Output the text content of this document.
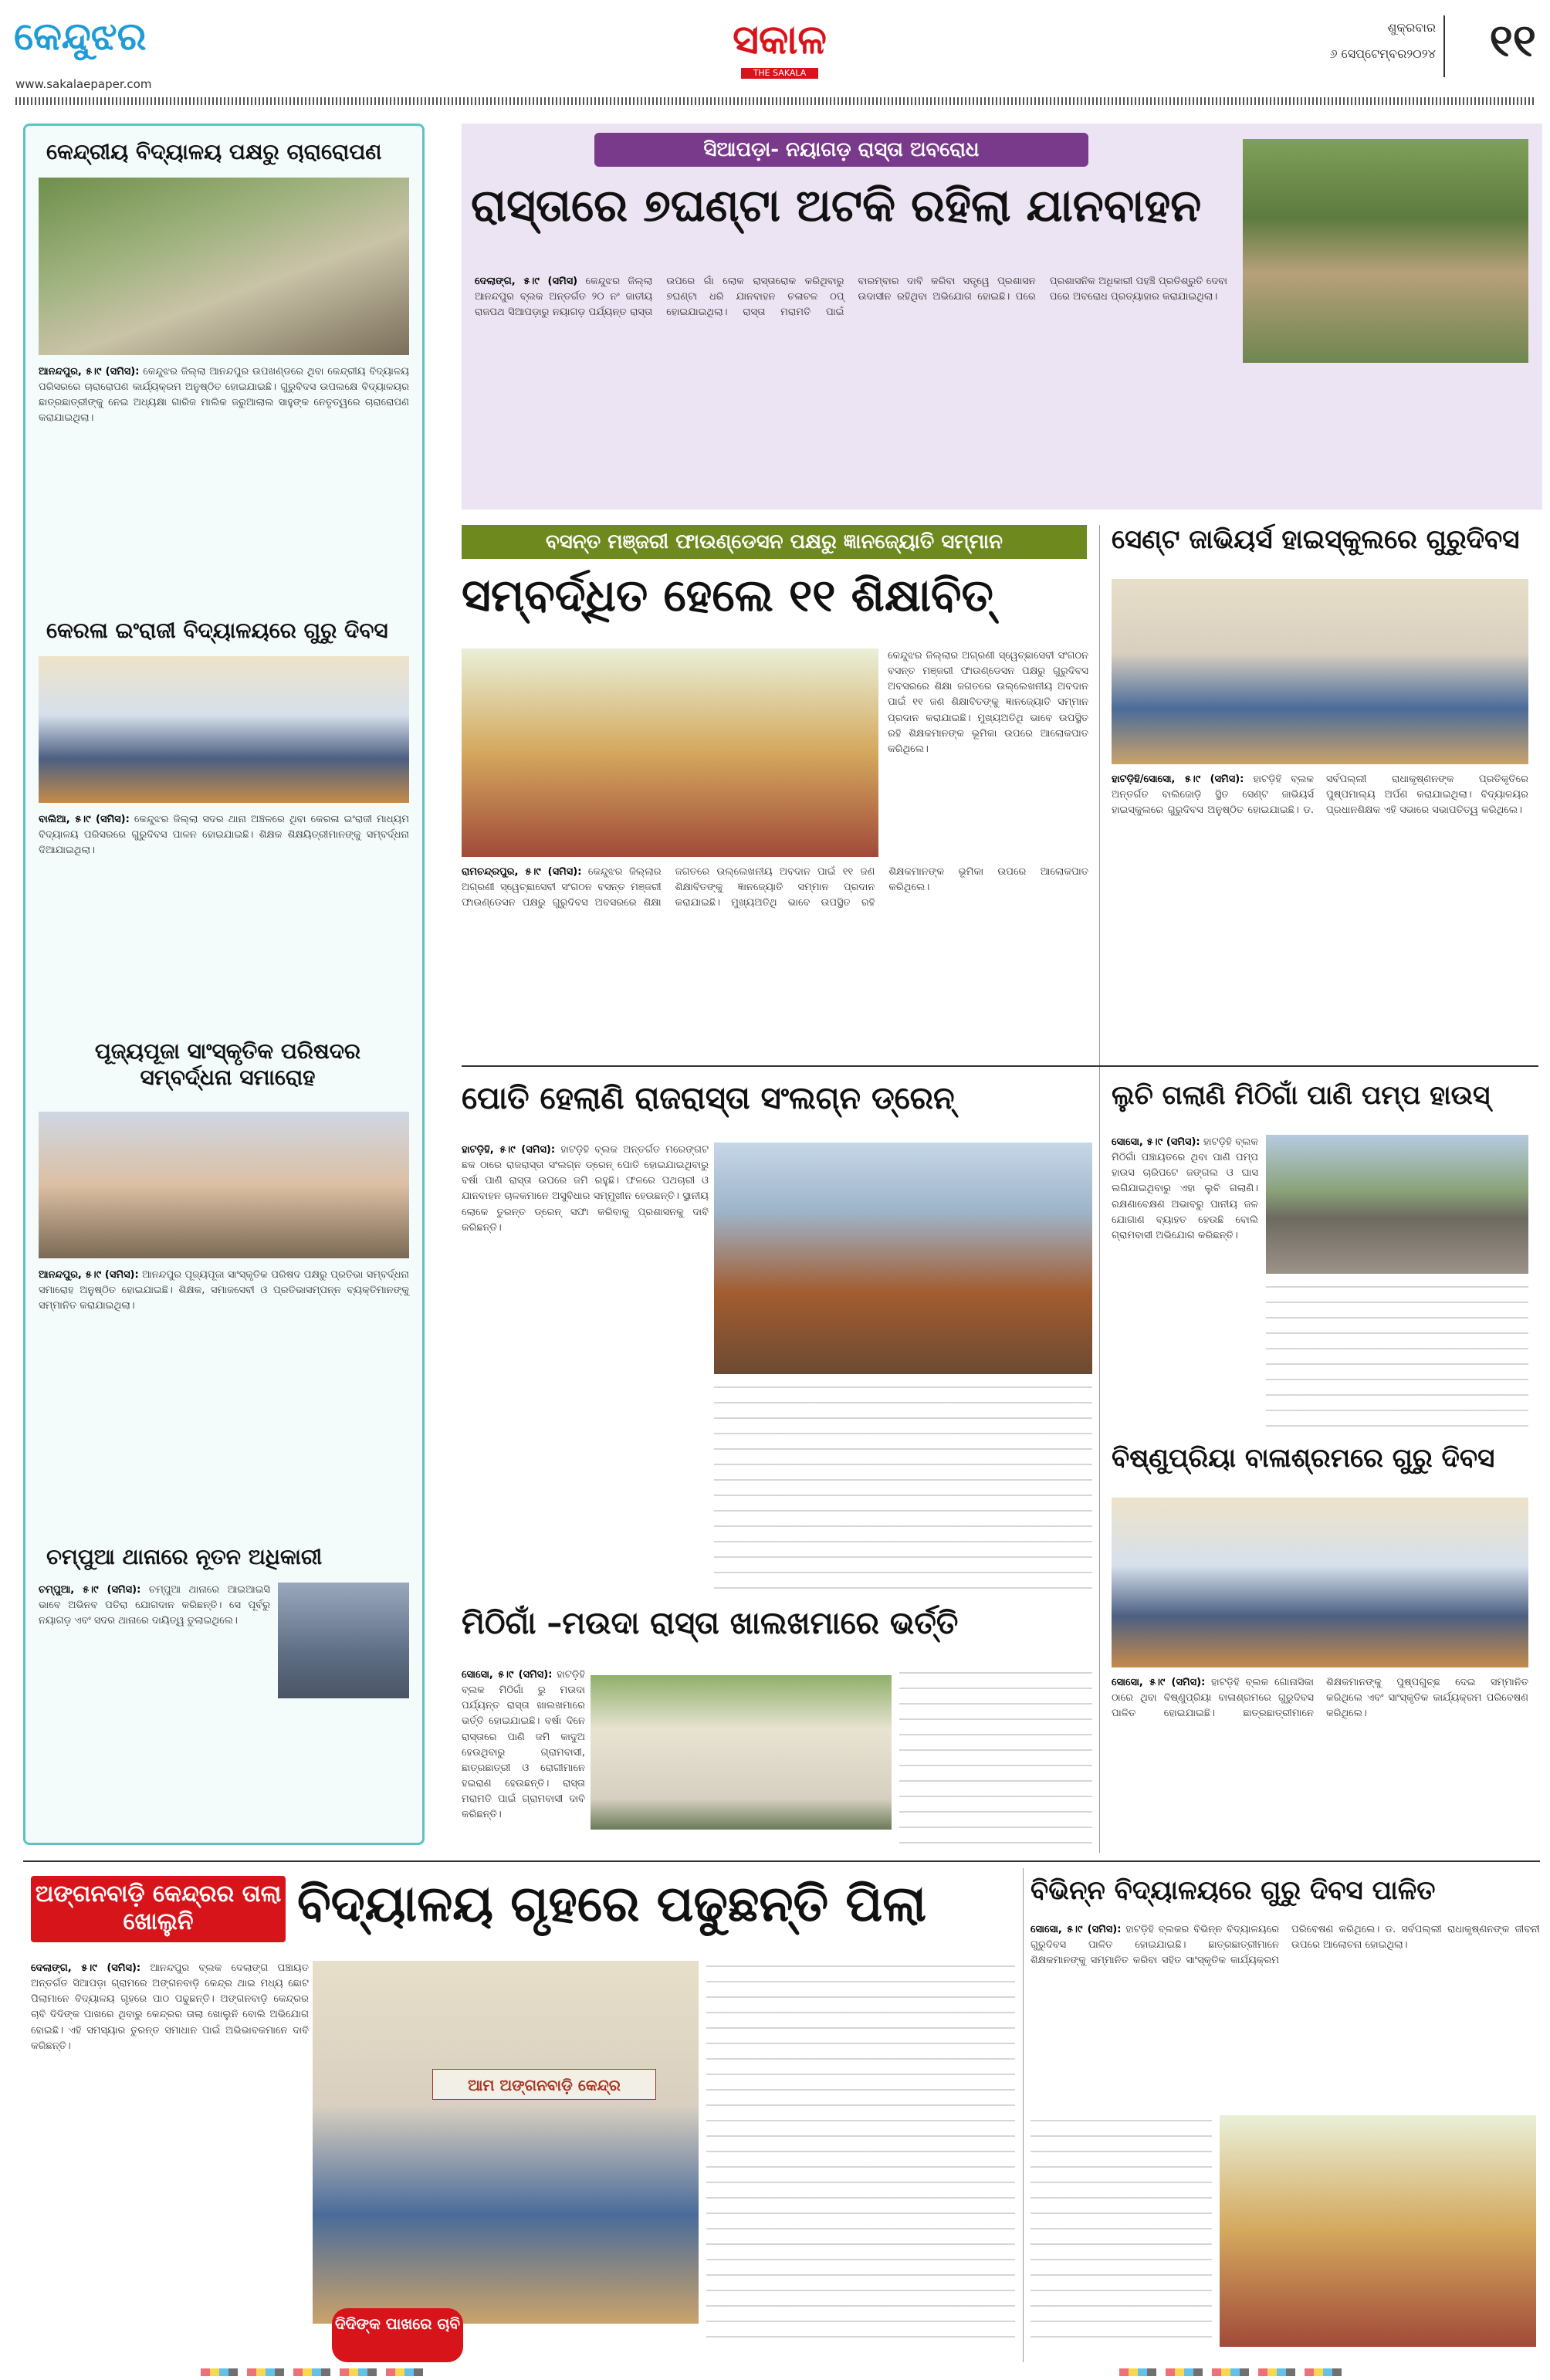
କେନ୍ଦୁଝର
www.sakalaepaper.com
ସକାଳ
THE SAKALA
ଶୁକ୍ରବାର
୬ ସେପ୍ଟେମ୍ବର୨୦୨୪	୧୧
କେନ୍ଦ୍ରୀୟ ବିଦ୍ୟାଳୟ ପକ୍ଷରୁ ଚାରାରୋପଣ
ଆନନ୍ଦପୁର, ୫।୯ (ସମିସ): କେନ୍ଦୁଝର ଜିଲ୍ଲା ଆନନ୍ଦପୁର ଉପଖଣ୍ଡରେ ଥିବା କେନ୍ଦ୍ରୀୟ ବିଦ୍ୟାଳୟ ପରିସରରେ ଚାରାରୋପଣ କାର୍ଯ୍ୟକ୍ରମ ଅନୁଷ୍ଠିତ ହୋଇଯାଇଛି। ଗୁରୁବିଦସ ଉପଲକ୍ଷେ ବିଦ୍ୟାଳୟର ଛାତ୍ରଛାତ୍ରୀଙ୍କୁ ନେଇ ଅଧ୍ୟକ୍ଷା ଗାରିଜ ମାଲିକ ଜରୁଆଲାଲ ସାହୁଙ୍କ ନେତୃତ୍ୱରେ ଚାରାରୋପଣ କରାଯାଇଥିଲା।
କେରଳା ଇଂରାଜୀ ବିଦ୍ୟାଳୟରେ ଗୁରୁ ଦିବସ
ବାଲିଆ, ୫।୯ (ସମିସ): କେନ୍ଦୁଝର ଜିଲ୍ଲା ସଦର ଥାନା ଅଞ୍ଚଳରେ ଥିବା କେରଳା ଇଂରାଜୀ ମାଧ୍ୟମ ବିଦ୍ୟାଳୟ ପରିସରରେ ଗୁରୁଦିବସ ପାଳନ ହୋଇଯାଇଛି। ଶିକ୍ଷକ ଶିକ୍ଷୟିତ୍ରୀମାନଙ୍କୁ ସମ୍ବର୍ଦ୍ଧନା ଦିଆଯାଇଥିଲା।
ପୂଜ୍ୟପୂଜା ସାଂସ୍କୃତିକ ପରିଷଦର ସମ୍ବର୍ଦ୍ଧନା ସମାରୋହ
ଆନନ୍ଦପୁର, ୫।୯ (ସମିସ): ଆନନ୍ଦପୁର ପୂଜ୍ୟପୂଜା ସାଂସ୍କୃତିକ ପରିଷଦ ପକ୍ଷରୁ ପ୍ରତିଭା ସମ୍ବର୍ଦ୍ଧନା ସମାରୋହ ଅନୁଷ୍ଠିତ ହୋଇଯାଇଛି। ଶିକ୍ଷକ, ସମାଜସେବୀ ଓ ପ୍ରତିଭାସମ୍ପନ୍ନ ବ୍ୟକ୍ତିମାନଙ୍କୁ ସମ୍ମାନିତ କରାଯାଇଥିଲା।
ଚମ୍ପୁଆ ଥାନାରେ ନୂତନ ଅଧିକାରୀ
ଚମ୍ପୁଆ, ୫।୯ (ସମିସ): ଚମ୍ପୁଆ ଥାନାରେ ଆଇଆଇସି ଭାବେ ଅଭିନବ ପତିରା ଯୋଗଦାନ କରିଛନ୍ତି। ସେ ପୂର୍ବରୁ ନୟାଗଡ଼ ଏବଂ ସଦର ଥାନାରେ ଦାୟିତ୍ୱ ତୁଲାଇଥିଲେ।
ସିଆପଡ଼ା- ନୟାଗଡ଼ ରାସ୍ତା ଅବରୋଧ
ରାସ୍ତାରେ ୭ଘଣ୍ଟା ଅଟକି ରହିଲା ଯାନବାହନ
ଦେଲାଙ୍ଗ, ୫।୯ (ସମିସ) କେନ୍ଦୁଝର ଜିଲ୍ଲା ଆନନ୍ଦପୁର ବ୍ଲକ ଅନ୍ତର୍ଗତ ୨୦ ନଂ ଜାତୀୟ ରାଜପଥ ସିଆପଡ଼ାରୁ ନୟାଗଡ଼ ପର୍ଯ୍ୟନ୍ତ ରାସ୍ତା ଉପରେ ଗାଁ ଲୋକ ରାସ୍ତାରୋକ କରିଥିବାରୁ ୭ଘଣ୍ଟା ଧରି ଯାନବାହନ ଚଳାଚଳ ଠପ୍ ହୋଇଯାଇଥିଲା। ରାସ୍ତା ମରାମତି ପାଇଁ ବାରମ୍ବାର ଦାବି କରିବା ସତ୍ତ୍ୱେ ପ୍ରଶାସନ ଉଦାସୀନ ରହିଥିବା ଅଭିଯୋଗ ହୋଇଛି। ପରେ ପ୍ରଶାସନିକ ଅଧିକାରୀ ପହଞ୍ଚି ପ୍ରତିଶ୍ରୁତି ଦେବା ପରେ ଅବରୋଧ ପ୍ରତ୍ୟାହାର କରାଯାଇଥିଲା।
ବସନ୍ତ ମଞ୍ଜରୀ ଫାଉଣ୍ଡେସନ ପକ୍ଷରୁ ଜ୍ଞାନଜ୍ୟୋତି ସମ୍ମାନ
ସମ୍ବର୍ଦ୍ଧିତ ହେଲେ ୧୧ ଶିକ୍ଷାବିତ୍
କେନ୍ଦୁଝର ଜିଲ୍ଲାର ଅଗ୍ରଣୀ ସ୍ୱେଚ୍ଛାସେବୀ ସଂଗଠନ ବସନ୍ତ ମଞ୍ଜରୀ ଫାଉଣ୍ଡେସନ ପକ୍ଷରୁ ଗୁରୁଦିବସ ଅବସରରେ ଶିକ୍ଷା ଜଗତରେ ଉଲ୍ଲେଖନୀୟ ଅବଦାନ ପାଇଁ ୧୧ ଜଣ ଶିକ୍ଷାବିତଙ୍କୁ ଜ୍ଞାନଜ୍ୟୋତି ସମ୍ମାନ ପ୍ରଦାନ କରାଯାଇଛି। ମୁଖ୍ୟଅତିଥି ଭାବେ ଉପସ୍ଥିତ ରହି ଶିକ୍ଷକମାନଙ୍କ ଭୂମିକା ଉପରେ ଆଲୋକପାତ କରିଥିଲେ।
ରାମଚନ୍ଦ୍ରପୁର, ୫।୯ (ସମିସ): କେନ୍ଦୁଝର ଜିଲ୍ଲାର ଅଗ୍ରଣୀ ସ୍ୱେଚ୍ଛାସେବୀ ସଂଗଠନ ବସନ୍ତ ମଞ୍ଜରୀ ଫାଉଣ୍ଡେସନ ପକ୍ଷରୁ ଗୁରୁଦିବସ ଅବସରରେ ଶିକ୍ଷା ଜଗତରେ ଉଲ୍ଲେଖନୀୟ ଅବଦାନ ପାଇଁ ୧୧ ଜଣ ଶିକ୍ଷାବିତଙ୍କୁ ଜ୍ଞାନଜ୍ୟୋତି ସମ୍ମାନ ପ୍ରଦାନ କରାଯାଇଛି। ମୁଖ୍ୟଅତିଥି ଭାବେ ଉପସ୍ଥିତ ରହି ଶିକ୍ଷକମାନଙ୍କ ଭୂମିକା ଉପରେ ଆଲୋକପାତ କରିଥିଲେ।
ସେଣ୍ଟ ଜାଭିୟର୍ସ ହାଇସ୍କୁଲରେ ଗୁରୁଦିବସ
ହାଟଡ଼ିହି/ସୋସୋ, ୫।୯ (ସମିସ): ହାଟଡ଼ିହି ବ୍ଲକ ଅନ୍ତର୍ଗତ ବାଲିଜୋଡ଼ି ସ୍ଥିତ ସେଣ୍ଟ ଜାଭିୟର୍ସ ହାଇସ୍କୁଲରେ ଗୁରୁଦିବସ ଅନୁଷ୍ଠିତ ହୋଇଯାଇଛି। ଡ. ସର୍ବପଲ୍ଲୀ ରାଧାକୃଷ୍ଣନଙ୍କ ପ୍ରତିକୃତିରେ ପୁଷ୍ପମାଲ୍ୟ ଅର୍ପଣ କରାଯାଇଥିଲା। ବିଦ୍ୟାଳୟର ପ୍ରଧାନଶିକ୍ଷକ ଏହି ସଭାରେ ସଭାପତିତ୍ୱ କରିଥିଲେ।
ପୋତି ହେଲାଣି ରାଜରାସ୍ତା ସଂଲଗ୍ନ ଡ୍ରେନ୍
ହାଟଡ଼ିହି, ୫।୯ (ସମିସ): ହାଟଡ଼ିହି ବ୍ଲକ ଅନ୍ତର୍ଗତ ମରେଙ୍ଗଟ ଛକ ଠାରେ ରାଜରାସ୍ତା ସଂଲଗ୍ନ ଡ୍ରେନ୍ ପୋତି ହୋଇଯାଇଥିବାରୁ ବର୍ଷା ପାଣି ରାସ୍ତା ଉପରେ ଜମି ରହୁଛି। ଫଳରେ ପଥଚାରୀ ଓ ଯାନବାହନ ଚାଳକମାନେ ଅସୁବିଧାର ସମ୍ମୁଖୀନ ହେଉଛନ୍ତି। ସ୍ଥାନୀୟ ଲୋକେ ତୁରନ୍ତ ଡ୍ରେନ୍ ସଫା କରିବାକୁ ପ୍ରଶାସନକୁ ଦାବି କରିଛନ୍ତି।
ଲୁଚି ଗଲାଣି ମିଠିଗାଁ ପାଣି ପମ୍ପ ହାଉସ୍
ସୋସୋ, ୫।୯ (ସମିସ): ହାଟଡ଼ିହି ବ୍ଲକ ମିଠିଗାଁ ପଞ୍ଚାୟତରେ ଥିବା ପାଣି ପମ୍ପ ହାଉସ ଚାରିପଟେ ଜଙ୍ଗଲ ଓ ଘାସ ଲଗିଯାଇଥିବାରୁ ଏହା ଲୁଚି ଗଲାଣି। ରକ୍ଷଣାବେକ୍ଷଣ ଅଭାବରୁ ପାନୀୟ ଜଳ ଯୋଗାଣ ବ୍ୟାହତ ହେଉଛି ବୋଲି ଗ୍ରାମବାସୀ ଅଭିଯୋଗ କରିଛନ୍ତି।
ବିଷ୍ଣୁପ୍ରିୟା ବାଳାଶ୍ରମରେ ଗୁରୁ ଦିବସ
ସୋସୋ, ୫।୯ (ସମିସ): ହାଟଡ଼ିହି ବ୍ଲକ ଗୋନାସିକା ଠାରେ ଥିବା ବିଷ୍ଣୁପ୍ରିୟା ବାଳାଶ୍ରମରେ ଗୁରୁଦିବସ ପାଳିତ ହୋଇଯାଇଛି। ଛାତ୍ରଛାତ୍ରୀମାନେ ଶିକ୍ଷକମାନଙ୍କୁ ପୁଷ୍ପଗୁଚ୍ଛ ଦେଇ ସମ୍ମାନିତ କରିଥିଲେ ଏବଂ ସାଂସ୍କୃତିକ କାର୍ଯ୍ୟକ୍ରମ ପରିବେଷଣ କରିଥିଲେ।
ମିଠିଗାଁ –ମଉଦା ରାସ୍ତା ଖାଲଖମାରେ ଭର୍ତ୍ତି
ସୋସୋ, ୫।୯ (ସମିସ): ହାଟଡ଼ିହି ବ୍ଲକ ମିଠିଗାଁ ରୁ ମଉଦା ପର୍ଯ୍ୟନ୍ତ ରାସ୍ତା ଖାଲଖମାରେ ଭର୍ତ୍ତି ହୋଇଯାଇଛି। ବର୍ଷା ଦିନେ ରାସ୍ତାରେ ପାଣି ଜମି କାଦୁଅ ହେଉଥିବାରୁ ଗ୍ରାମବାସୀ, ଛାତ୍ରଛାତ୍ରୀ ଓ ରୋଗୀମାନେ ହଇରାଣ ହେଉଛନ୍ତି। ରାସ୍ତା ମରାମତି ପାଇଁ ଗ୍ରାମବାସୀ ଦାବି କରିଛନ୍ତି।
ଅଙ୍ଗନବାଡ଼ି କେନ୍ଦ୍ରର ତାଲା ଖୋଲୁନି	ବିଦ୍ୟାଳୟ ଗୃହରେ ପଢୁଛନ୍ତି ପିଲା
ଦେଲାଙ୍ଗ, ୫।୯ (ସମିସ): ଆନନ୍ଦପୁର ବ୍ଲକ ଦେଲାଙ୍ଗ ପଞ୍ଚାୟତ ଅନ୍ତର୍ଗତ ସିଆପଡ଼ା ଗ୍ରାମରେ ଅଙ୍ଗନବାଡ଼ି କେନ୍ଦ୍ର ଥାଇ ମଧ୍ୟ ଛୋଟ ପିଲାମାନେ ବିଦ୍ୟାଳୟ ଗୃହରେ ପାଠ ପଢୁଛନ୍ତି। ଅଙ୍ଗନବାଡ଼ି କେନ୍ଦ୍ରର ଚାବି ଦିଦିଙ୍କ ପାଖରେ ଥିବାରୁ କେନ୍ଦ୍ରର ତାଲା ଖୋଲୁନି ବୋଲି ଅଭିଯୋଗ ହୋଇଛି। ଏହି ସମସ୍ୟାର ତୁରନ୍ତ ସମାଧାନ ପାଇଁ ଅଭିଭାବକମାନେ ଦାବି କରିଛନ୍ତି।
ଆମ ଅଙ୍ଗନବାଡ଼ି କେନ୍ଦ୍ର
ଦିଦିଙ୍କ ପାଖରେ ଚାବି
ବିଭିନ୍ନ ବିଦ୍ୟାଳୟରେ ଗୁରୁ ଦିବସ ପାଳିତ
ସୋସୋ, ୫।୯ (ସମିସ): ହାଟଡ଼ିହି ବ୍ଲକର ବିଭିନ୍ନ ବିଦ୍ୟାଳୟରେ ଗୁରୁଦିବସ ପାଳିତ ହୋଇଯାଇଛି। ଛାତ୍ରଛାତ୍ରୀମାନେ ଶିକ୍ଷକମାନଙ୍କୁ ସମ୍ମାନିତ କରିବା ସହିତ ସାଂସ୍କୃତିକ କାର୍ଯ୍ୟକ୍ରମ ପରିବେଷଣ କରିଥିଲେ। ଡ. ସର୍ବପଲ୍ଲୀ ରାଧାକୃଷ୍ଣନଙ୍କ ଜୀବନୀ ଉପରେ ଆଲୋଚନା ହୋଇଥିଲା।
